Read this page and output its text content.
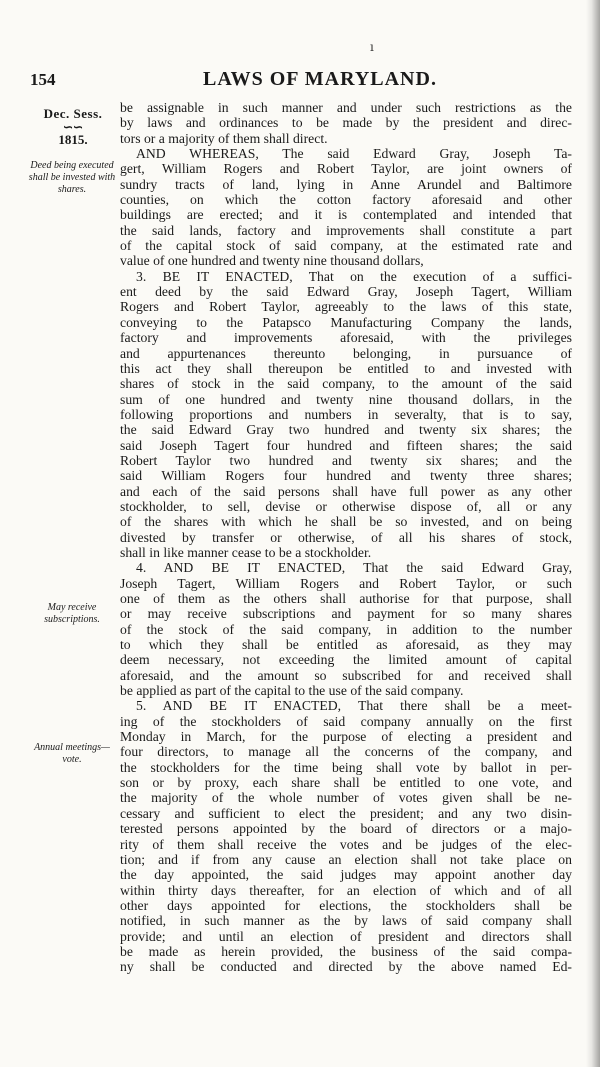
ı
154	LAWS OF MARYLAND.
Dec. Sess.
∽∽
1815.
Deed being executed shall be invested with shares.
May receive subscriptions.
Annual meetings—vote.
be assignable in such manner and under such restrictions as the
by laws and ordinances to be made by the president and direc-
tors or a majority of them shall direct.
AND WHEREAS, The said Edward Gray, Joseph Ta-
gert, William Rogers and Robert Taylor, are joint owners of
sundry tracts of land, lying in Anne Arundel and Baltimore
counties, on which the cotton factory aforesaid and other
buildings are erected; and it is contemplated and intended that
the said lands, factory and improvements shall constitute a part
of the capital stock of said company, at the estimated rate and
value of one hundred and twenty nine thousand dollars,
3. BE IT ENACTED, That on the execution of a suffici-
ent deed by the said Edward Gray, Joseph Tagert, William
Rogers and Robert Taylor, agreeably to the laws of this state,
conveying to the Patapsco Manufacturing Company the lands,
factory and improvements aforesaid, with the privileges
and appurtenances thereunto belonging, in pursuance of
this act they shall thereupon be entitled to and invested with
shares of stock in the said company, to the amount of the said
sum of one hundred and twenty nine thousand dollars, in the
following proportions and numbers in severalty, that is to say,
the said Edward Gray two hundred and twenty six shares; the
said Joseph Tagert four hundred and fifteen shares; the said
Robert Taylor two hundred and twenty six shares; and the
said William Rogers four hundred and twenty three shares;
and each of the said persons shall have full power as any other
stockholder, to sell, devise or otherwise dispose of, all or any
of the shares with which he shall be so invested, and on being
divested by transfer or otherwise, of all his shares of stock,
shall in like manner cease to be a stockholder.
4. AND BE IT ENACTED, That the said Edward Gray,
Joseph Tagert, William Rogers and Robert Taylor, or such
one of them as the others shall authorise for that purpose, shall
or may receive subscriptions and payment for so many shares
of the stock of the said company, in addition to the number
to which they shall be entitled as aforesaid, as they may
deem necessary, not exceeding the limited amount of capital
aforesaid, and the amount so subscribed for and received shall
be applied as part of the capital to the use of the said company.
5. AND BE IT ENACTED, That there shall be a meet-
ing of the stockholders of said company annually on the first
Monday in March, for the purpose of electing a president and
four directors, to manage all the concerns of the company, and
the stockholders for the time being shall vote by ballot in per-
son or by proxy, each share shall be entitled to one vote, and
the majority of the whole number of votes given shall be ne-
cessary and sufficient to elect the president; and any two disin-
terested persons appointed by the board of directors or a majo-
rity of them shall receive the votes and be judges of the elec-
tion; and if from any cause an election shall not take place on
the day appointed, the said judges may appoint another day
within thirty days thereafter, for an election of which and of all
other days appointed for elections, the stockholders shall be
notified, in such manner as the by laws of said company shall
provide; and until an election of president and directors shall
be made as herein provided, the business of the said compa-
ny shall be conducted and directed by the above named Ed-
